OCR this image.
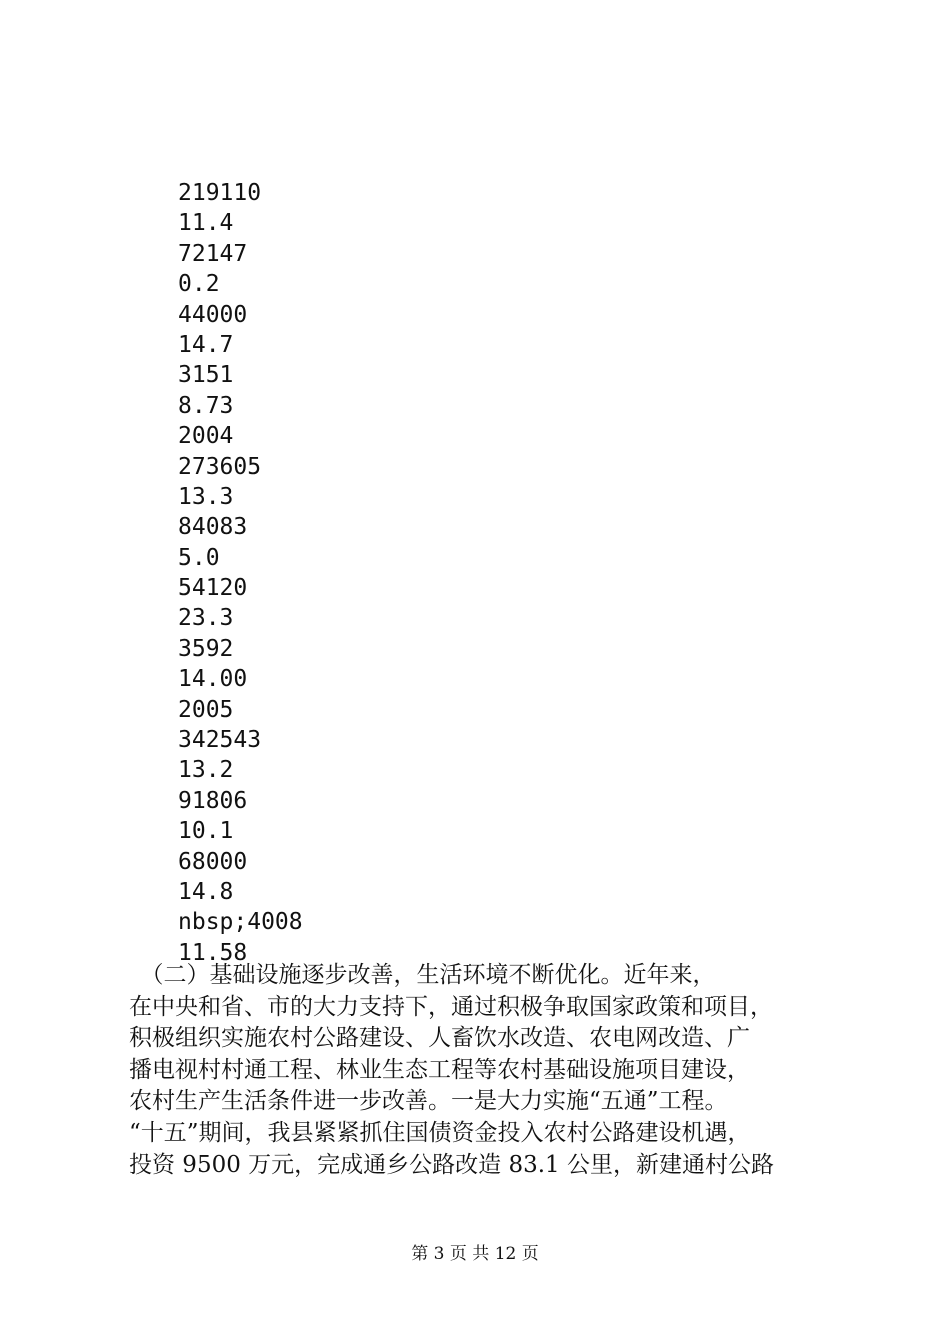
219110
11.4
72147
0.2
44000
14.7
3151
8.73
2004
273605
13.3
84083
5.0
54120
23.3
3592
14.00
2005
342543
13.2
91806
10.1
68000
14.8
nbsp;4008
11.58
　（二）基础设施逐步改善，生活环境不断优化。近年来，
在中央和省、市的大力支持下，通过积极争取国家政策和项目，
积极组织实施农村公路建设、人畜饮水改造、农电网改造、广
播电视村村通工程、林业生态工程等农村基础设施项目建设，
农村生产生活条件进一步改善。一是大力实施“五通”工程。
“十五”期间，我县紧紧抓住国债资金投入农村公路建设机遇，
投资 9500 万元，完成通乡公路改造 83.1 公里，新建通村公路
第 3 页 共 12 页
